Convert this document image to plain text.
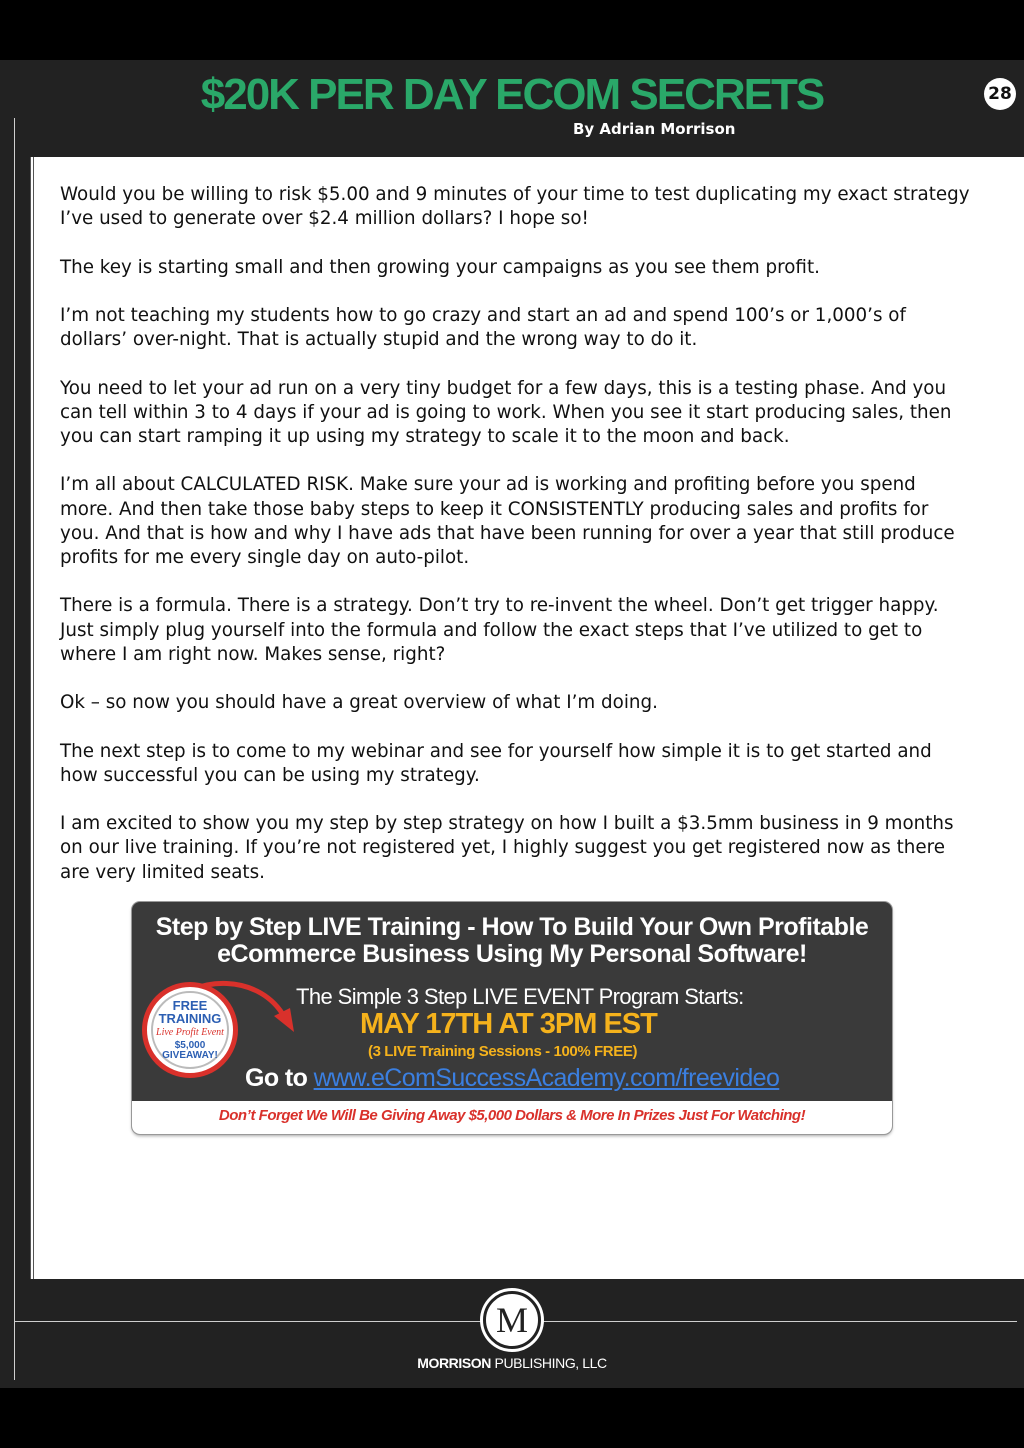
$20K PER DAY ECOM SECRETS
By Adrian Morrison
28

Would you be willing to risk $5.00 and 9 minutes of your time to test duplicating my exact strategy I’ve used to generate over $2.4 million dollars? I hope so!

The key is starting small and then growing your campaigns as you see them profit.

I’m not teaching my students how to go crazy and start an ad and spend 100’s or 1,000’s of dollars’ over-night. That is actually stupid and the wrong way to do it.

You need to let your ad run on a very tiny budget for a few days, this is a testing phase. And you can tell within 3 to 4 days if your ad is going to work. When you see it start producing sales, then you can start ramping it up using my strategy to scale it to the moon and back.

I’m all about CALCULATED RISK. Make sure your ad is working and profiting before you spend more. And then take those baby steps to keep it CONSISTENTLY producing sales and profits for you. And that is how and why I have ads that have been running for over a year that still produce profits for me every single day on auto-pilot.

There is a formula. There is a strategy. Don’t try to re-invent the wheel. Don’t get trigger happy. Just simply plug yourself into the formula and follow the exact steps that I’ve utilized to get to where I am right now. Makes sense, right?

Ok – so now you should have a great overview of what I’m doing.

The next step is to come to my webinar and see for yourself how simple it is to get started and how successful you can be using my strategy.

I am excited to show you my step by step strategy on how I built a $3.5mm business in 9 months on our live training. If you’re not registered yet, I highly suggest you get registered now as there are very limited seats.

Step by Step LIVE Training - How To Build Your Own Profitable
eCommerce Business Using My Personal Software!
FREE
TRAINING
Live Profit Event
$5,000
GIVEAWAY!
The Simple 3 Step LIVE EVENT Program Starts:
MAY 17TH AT 3PM EST
(3 LIVE Training Sessions - 100% FREE)
Go to www.eComSuccessAcademy.com/freevideo
Don’t Forget We Will Be Giving Away $5,000 Dollars & More In Prizes Just For Watching!
M
MORRISON PUBLISHING, LLC
